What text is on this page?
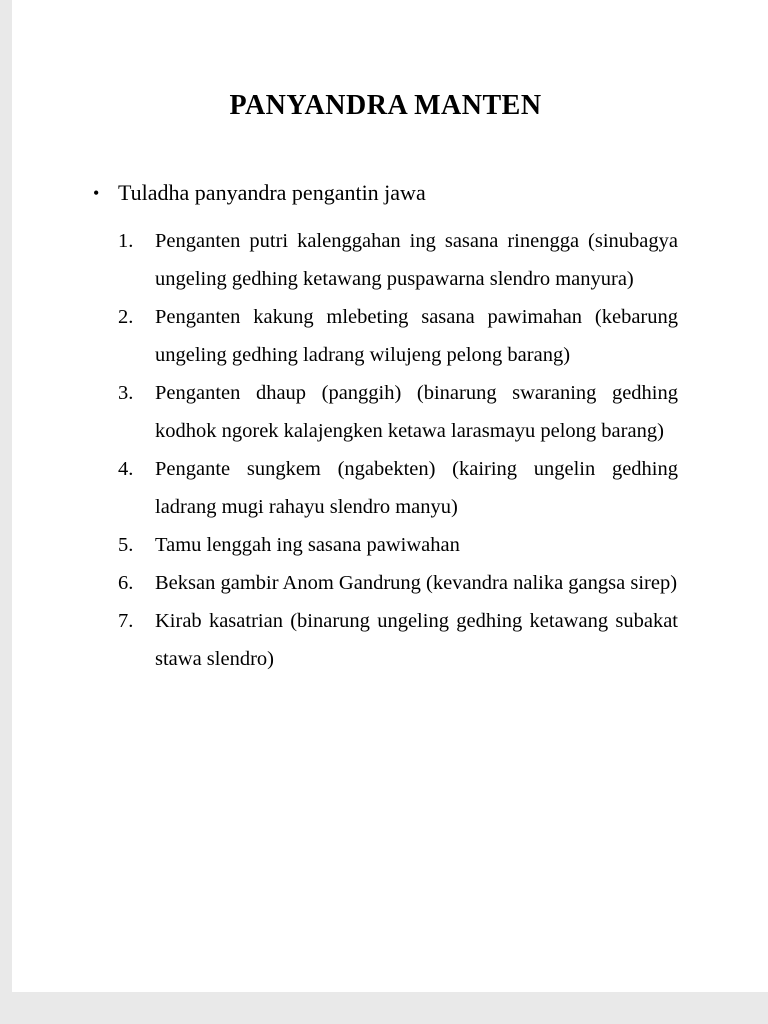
PANYANDRA MANTEN
• Tuladha panyandra pengantin jawa
1.	Penganten putri kalenggahan ing sasana rinengga (sinubagya ungeling gedhing ketawang puspawarna slendro manyura)
2.	Penganten kakung mlebeting sasana pawimahan (kebarung ungeling gedhing ladrang wilujeng pelong barang)
3.	Penganten dhaup (panggih) (binarung swaraning gedhing kodhok ngorek kalajengken ketawa larasmayu pelong barang)
4.	Pengante sungkem (ngabekten) (kairing ungelin gedhing ladrang mugi rahayu slendro manyu)
5.	Tamu lenggah ing sasana pawiwahan
6.	Beksan gambir Anom Gandrung (kevandra nalika gangsa sirep)
7.	Kirab kasatrian (binarung ungeling gedhing ketawang subakat stawa slendro)
